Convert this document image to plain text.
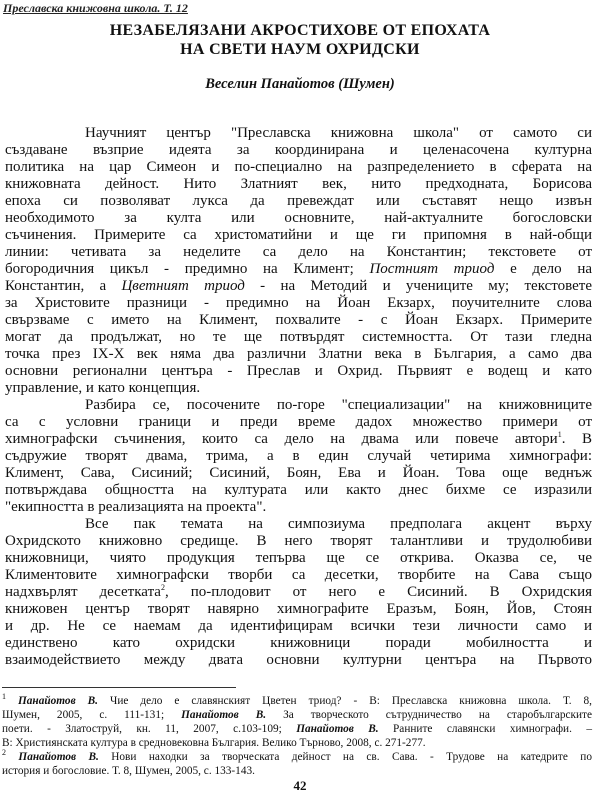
Преславска книжовна школа. Т. 12
НЕЗАБЕЛЯЗАНИ АКРОСТИХОВЕ ОТ ЕПОХАТА
НА СВЕТИ НАУМ ОХРИДСКИ
Веселин Панайотов (Шумен)
Научният център "Преславска книжовна школа" от самото си
създаване възприе идеята за координирана и целенасочена културна
политика на цар Симеон и по-специално на разпределението в сферата на
книжовната дейност. Нито Златният век, нито предходната, Борисова
епоха си позволяват лукса да превеждат или съставят нещо извън
необходимото за култа или основните, най-актуалните богословски
съчинения. Примерите са христоматийни и ще ги припомня в най-общи
линии: четивата за неделите са дело на Константин; текстовете от
богородичния цикъл - предимно на Климент; Постният триод е дело на
Константин, а Цветният триод - на Методий и учениците му; текстовете
за Христовите празници - предимно на Йоан Екзарх, поучителните слова
свързваме с името на Климент, похвалите - с Йоан Екзарх. Примерите
могат да продължат, но те ще потвърдят системността. От тази гледна
точка през IX-X век няма два различни Златни века в България, а само два
основни регионални центъра - Преслав и Охрид. Първият е водещ и като
управление, и като концепция.
Разбира се, посочените по-горе "специализации" на книжовниците
са с условни граници и преди време дадох множество примери от
химнографски съчинения, които са дело на двама или повече автори$^1$. В
съдружие творят двама, трима, а в един случай четирима химнографи:
Климент, Сава, Сисиний; Сисиний, Боян, Ева и Йоан. Това още веднъж
потвърждава общността на културата или както днес бихме се изразили
"екипността в реализацията на проекта".
Все пак темата на симпозиума предполага акцент върху
Охридското книжовно средище. В него творят талантливи и трудолюбиви
книжовници, чиято продукция тепърва ще се открива. Оказва се, че
Климентовите химнографски творби са десетки, творбите на Сава също
надхвърлят десетката$^2$, по-плодовит от него е Сисиний. В Охридския
книжовен център творят навярно химнографите Еразъм, Боян, Йов, Стоян
и др. Не се наемам да идентифицирам всички тези личности само и
единствено като охридски книжовници поради мобилността и
взаимодействието между двата основни културни центъра на Първото
$^1$ Панайотов В. Чие дело е славянският Цветен триод? - В: Преславска книжовна школа. Т. 8,
Шумен, 2005, с. 111-131; Панайотов В. За творческото сътрудничество на старобългарските
поети. - Златоструй, кн. 11, 2007, с.103-109; Панайотов В. Ранните славянски химнографи. –
В: Християнската култура в средновековна България. Велико Търново, 2008, с. 271-277.
$^2$ Панайотов В. Нови находки за творческата дейност на св. Сава. - Трудове на катедрите по
история и богословие. Т. 8, Шумен, 2005, с. 133-143.
42
